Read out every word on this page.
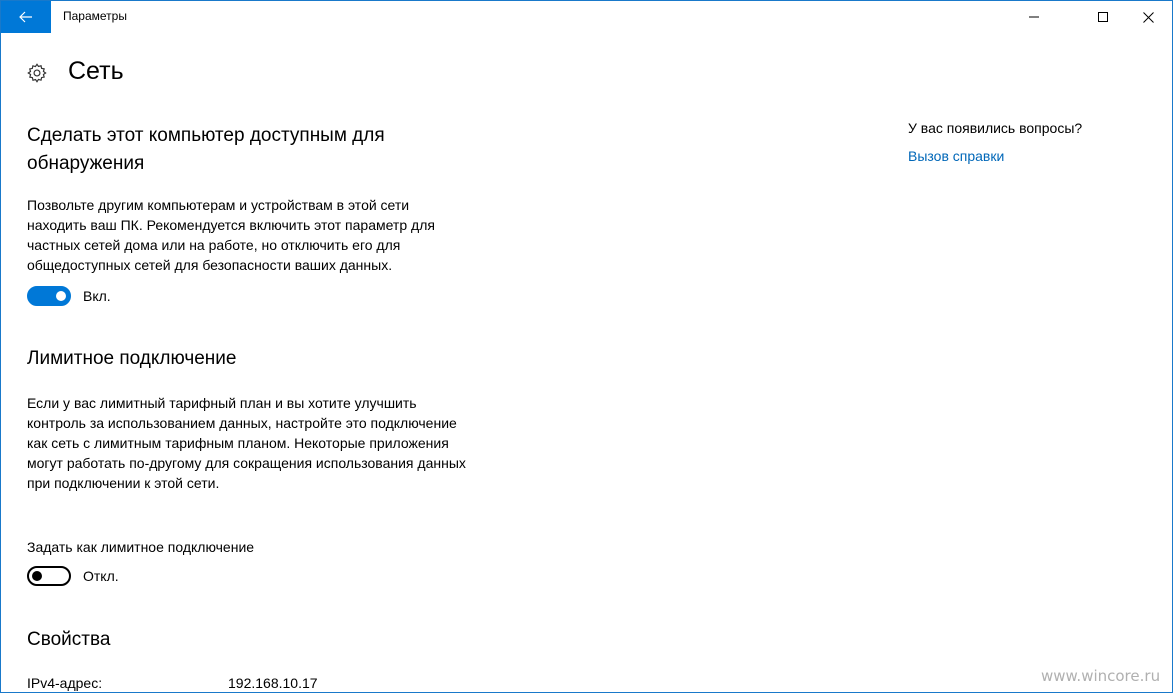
Параметры
Сеть
Сделать этот компьютер доступным для обнаружения
Позвольте другим компьютерам и устройствам в этой сети находить ваш ПК. Рекомендуется включить этот параметр для частных сетей дома или на работе, но отключить его для общедоступных сетей для безопасности ваших данных.
Вкл.
Лимитное подключение
Если у вас лимитный тарифный план и вы хотите улучшить контроль за использованием данных, настройте это подключение как сеть с лимитным тарифным планом. Некоторые приложения могут работать по-другому для сокращения использования данных при подключении к этой сети.
Задать как лимитное подключение
Откл.
Свойства
IPv4-адрес:	192.168.10.17
У вас появились вопросы?
Вызов справки
www.wincore.ru
